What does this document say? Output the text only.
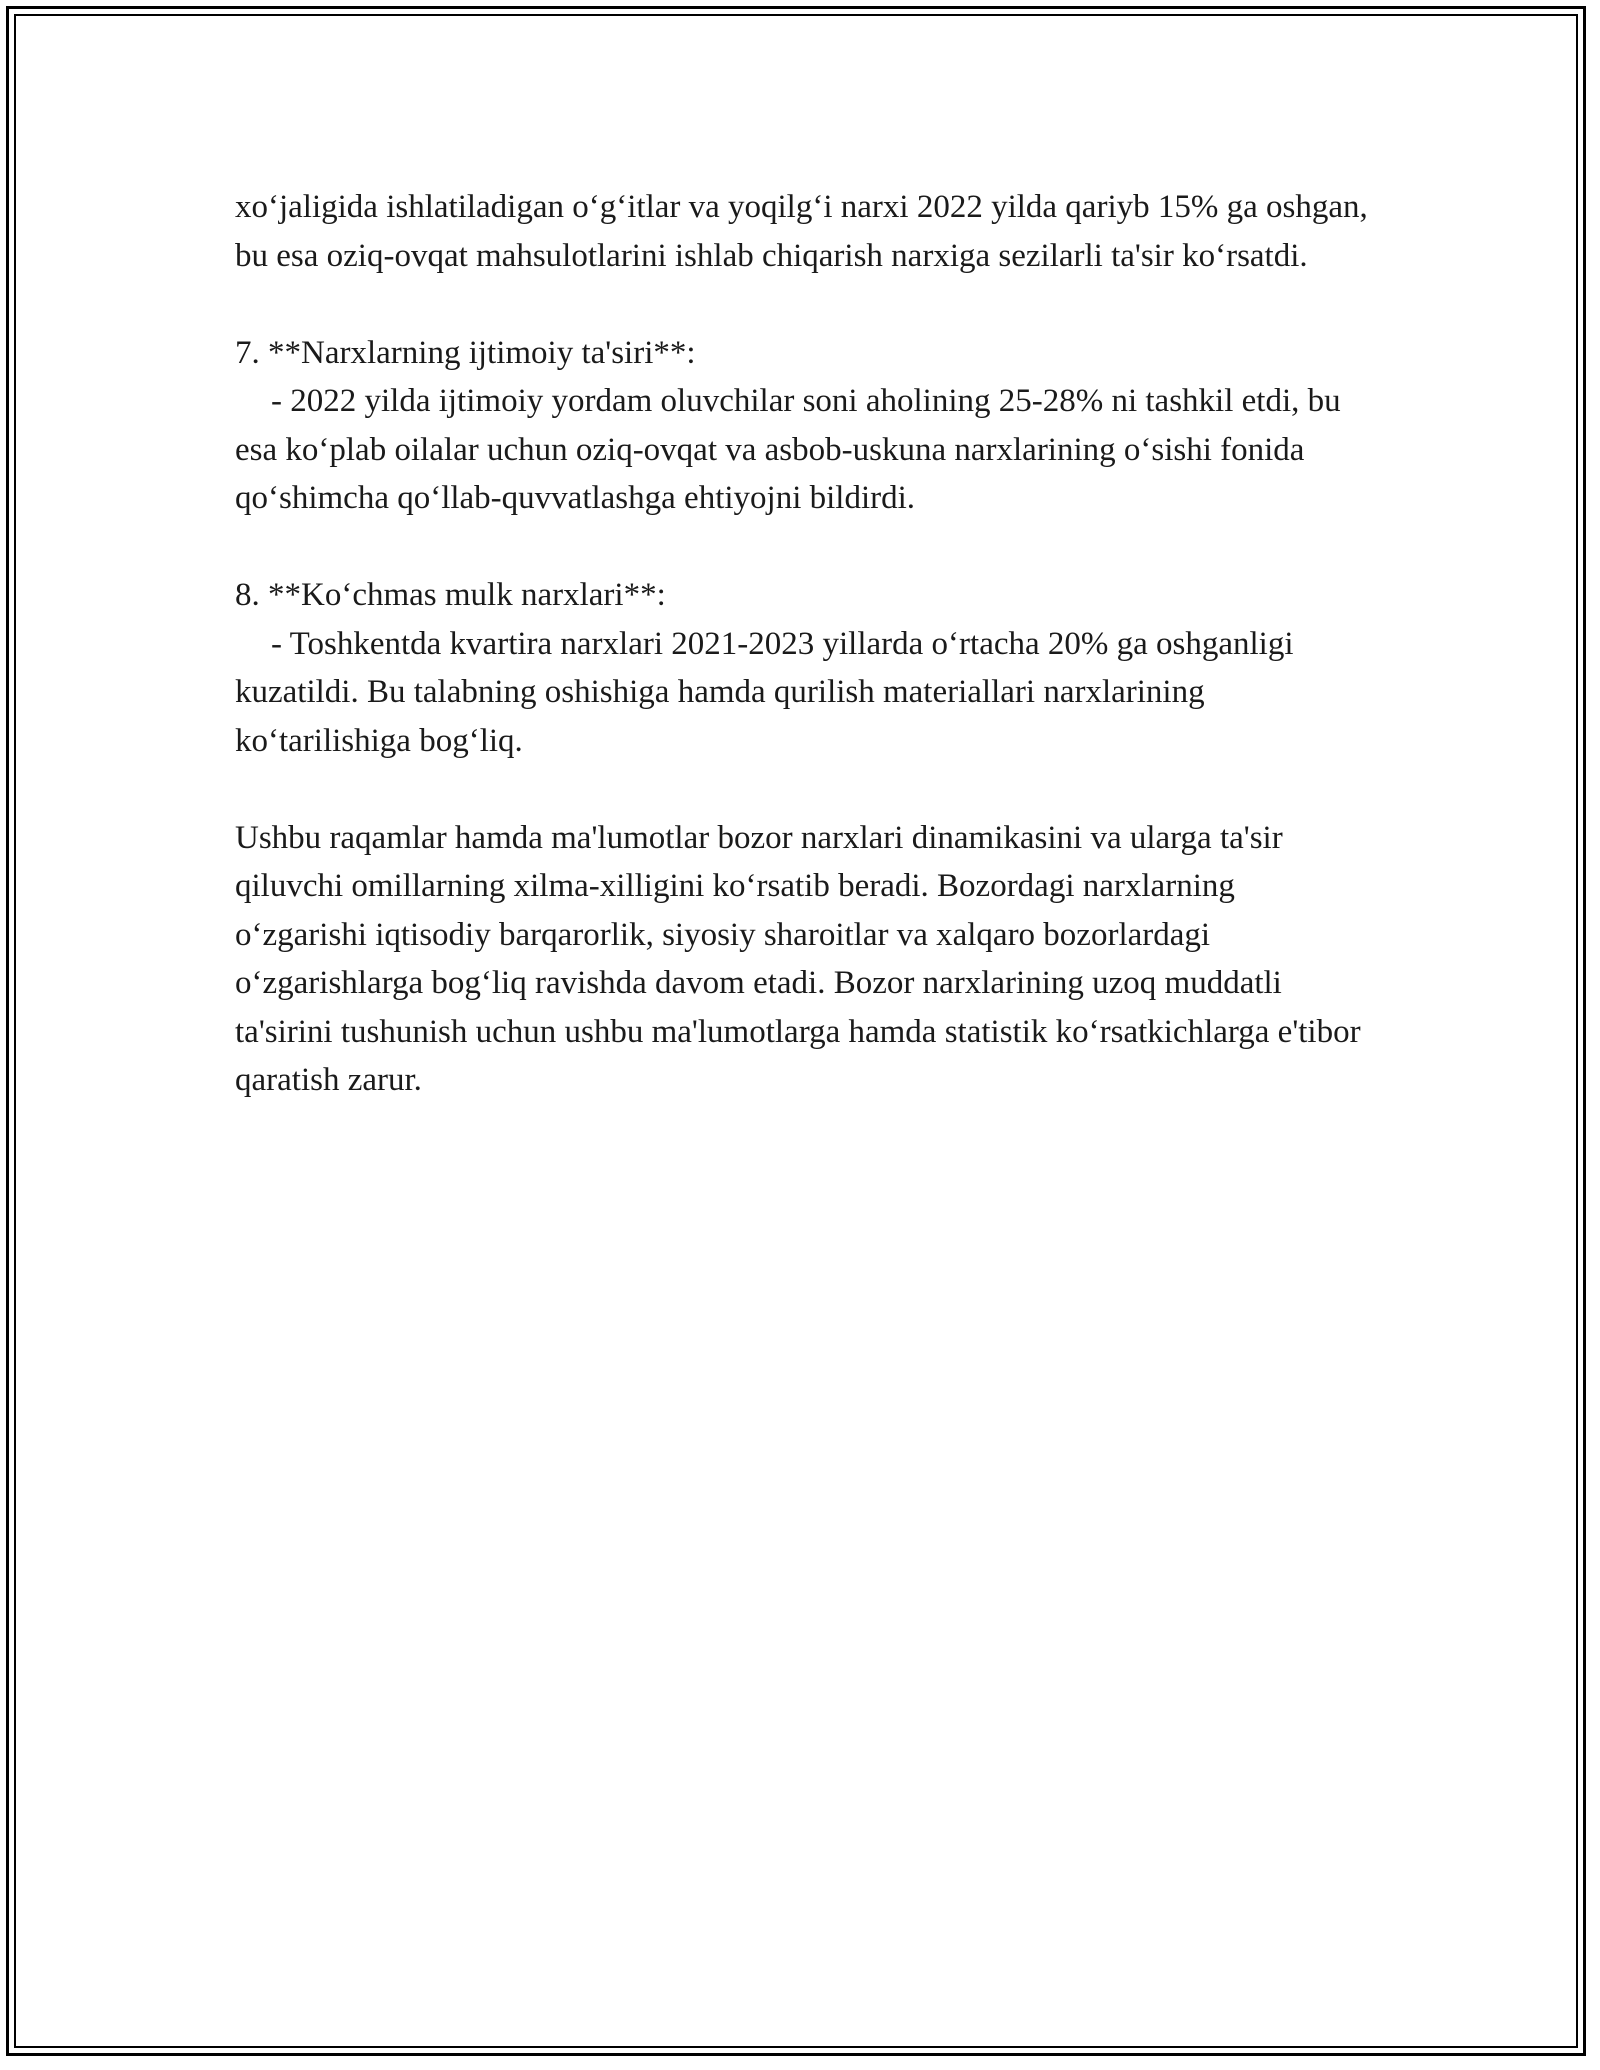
xo‘jaligida ishlatiladigan o‘g‘itlar va yoqilg‘i narxi 2022 yilda qariyb 15% ga oshgan, bu esa oziq-ovqat mahsulotlarini ishlab chiqarish narxiga sezilarli ta'sir ko‘rsatdi.

7. **Narxlarning ijtimoiy ta'siri**:

- 2022 yilda ijtimoiy yordam oluvchilar soni aholining 25-28% ni tashkil etdi, bu esa ko‘plab oilalar uchun oziq-ovqat va asbob-uskuna narxlarining o‘sishi fonida qo‘shimcha qo‘llab-quvvatlashga ehtiyojni bildirdi.

8. **Ko‘chmas mulk narxlari**:

- Toshkentda kvartira narxlari 2021-2023 yillarda o‘rtacha 20% ga oshganligi kuzatildi. Bu talabning oshishiga hamda qurilish materiallari narxlarining ko‘tarilishiga bog‘liq.

Ushbu raqamlar hamda ma'lumotlar bozor narxlari dinamikasini va ularga ta'sir qiluvchi omillarning xilma-xilligini ko‘rsatib beradi. Bozordagi narxlarning o‘zgarishi iqtisodiy barqarorlik, siyosiy sharoitlar va xalqaro bozorlardagi o‘zgarishlarga bog‘liq ravishda davom etadi. Bozor narxlarining uzoq muddatli ta'sirini tushunish uchun ushbu ma'lumotlarga hamda statistik ko‘rsatkichlarga e'tibor qaratish zarur.
